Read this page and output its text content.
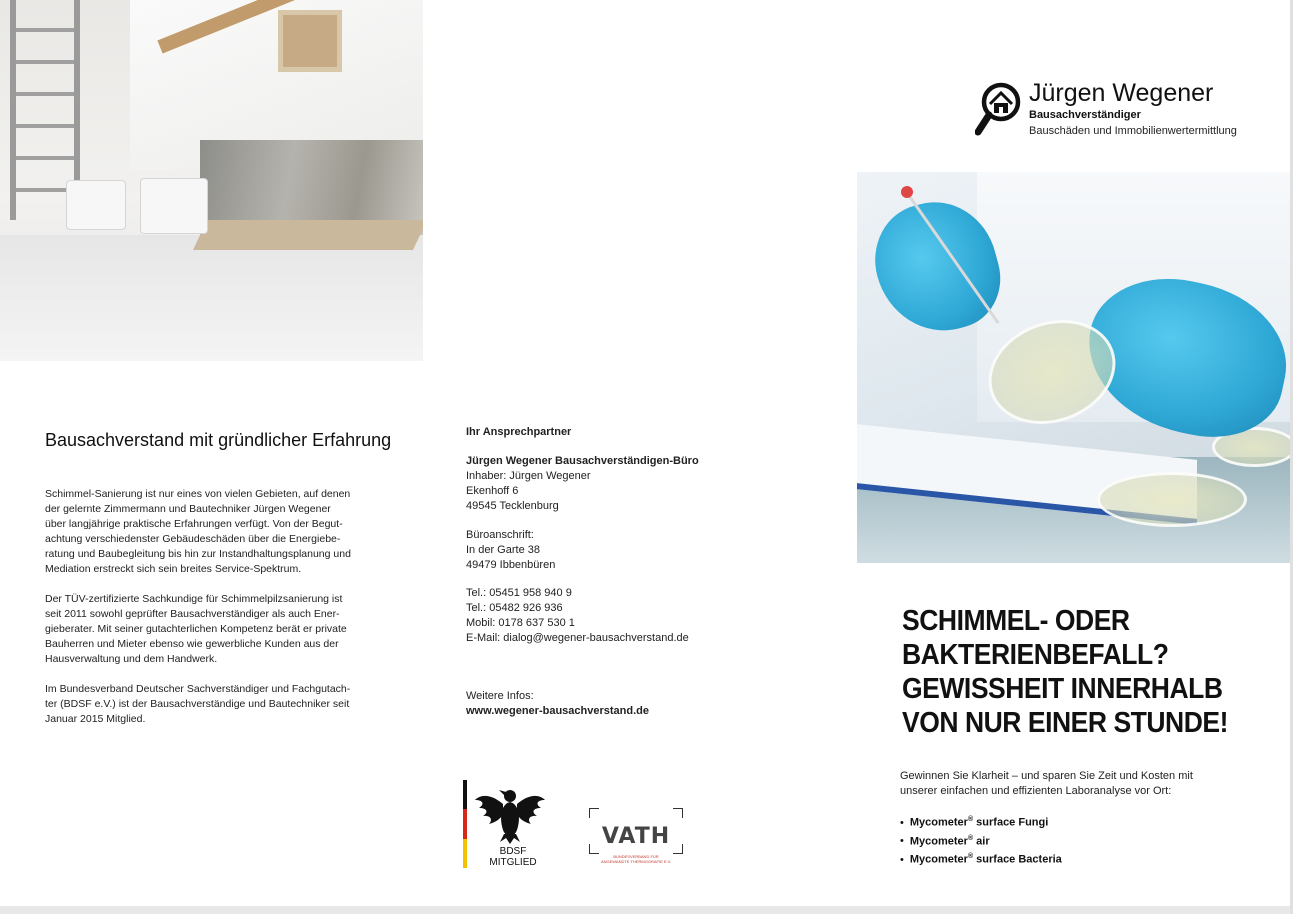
Bausachverstand mit gründlicher Erfahrung

Schimmel-Sanierung ist nur eines von vielen Gebieten, auf denen
der gelernte Zimmermann und Bautechniker Jürgen Wegener
über langjährige praktische Erfahrungen verfügt. Von der Begut-
achtung verschiedenster Gebäudeschäden über die Energiebe-
ratung und Baubegleitung bis hin zur Instandhaltungsplanung und
Mediation erstreckt sich sein breites Service-Spektrum.

Der TÜV-zertifizierte Sachkundige für Schimmelpilzsanierung ist
seit 2011 sowohl geprüfter Bausachverständiger als auch Ener-
gieberater. Mit seiner gutachterlichen Kompetenz berät er private
Bauherren und Mieter ebenso wie gewerbliche Kunden aus der
Hausverwaltung und dem Handwerk.

Im Bundesverband Deutscher Sachverständiger und Fachgutach-
ter (BDSF e.V.) ist der Bausachverständige und Bautechniker seit
Januar 2015 Mitglied.

Ihr Ansprechpartner
Jürgen Wegener Bausachverständigen-Büro
Inhaber: Jürgen Wegener
Ekenhoff 6
49545 Tecklenburg
Büroanschrift:
In der Garte 38
49479 Ibbenbüren
Tel.: 05451 958 940 9
Tel.: 05482 926 936
Mobil: 0178 637 530 1
E-Mail: dialog@wegener-bausachverstand.de
Weitere Infos:
www.wegener-bausachverstand.de
BDSF
MITGLIED
VATH
BUNDESVERBAND FÜR
ANGEWANDTE THERMOGRAFIE E.V.
Jürgen Wegener
Bausachverständiger
Bauschäden und Immobilienwertermittlung
SCHIMMEL- ODER
BAKTERIENBEFALL?
GEWISSHEIT INNERHALB
VON NUR EINER STUNDE!
Gewinnen Sie Klarheit – und sparen Sie Zeit und Kosten mit
unserer einfachen und effizienten Laboranalyse vor Ort:
• Mycometer® surface Fungi
• Mycometer® air
• Mycometer® surface Bacteria
